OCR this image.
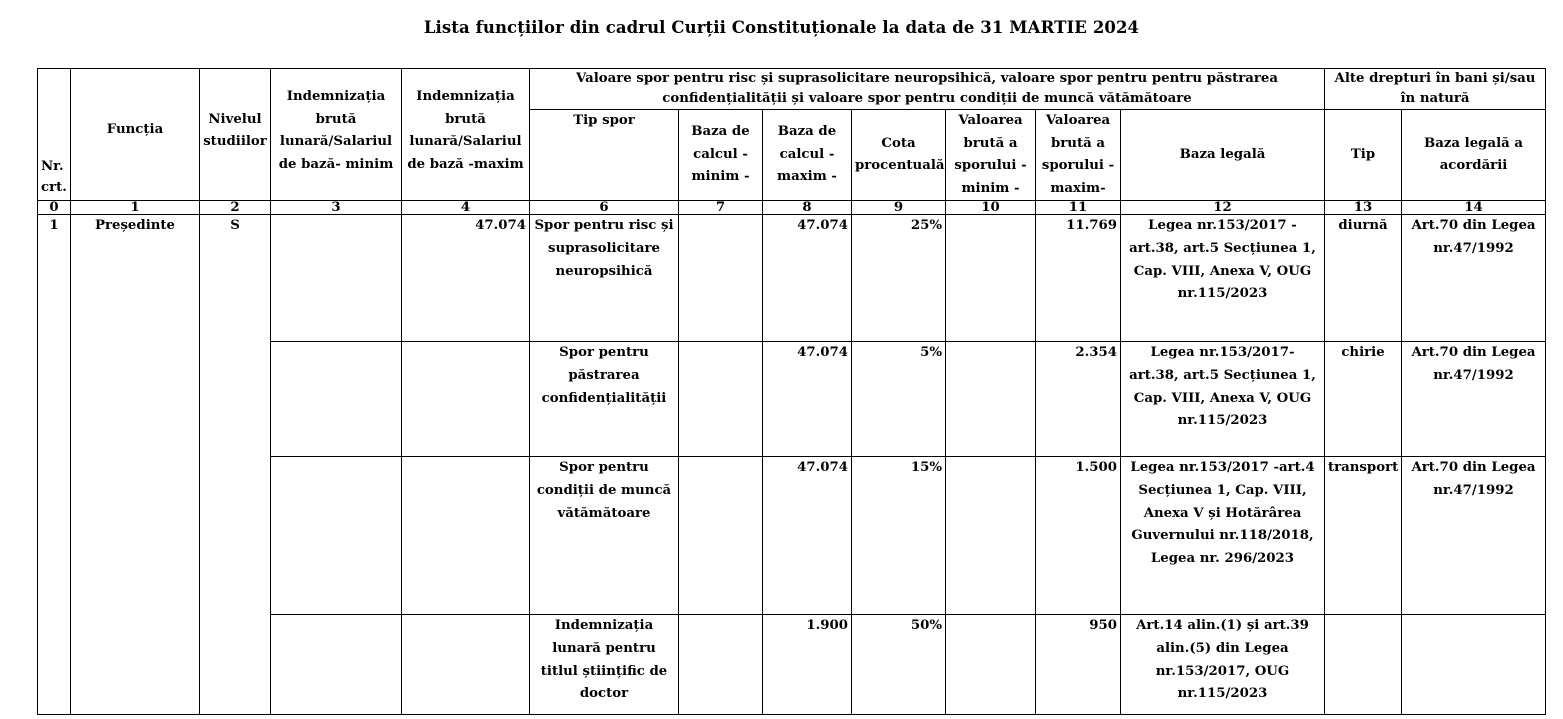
Lista funcțiilor din cadrul Curții Constituționale la data de 31 MARTIE 2024
Nr. crt.	Funcția	Nivelul studiilor	Indemnizația brută lunară/Salariul de bază- minim	Indemnizația brută lunară/Salariul de bază -maxim	Valoare spor pentru risc și suprasolicitare neuropsihică, valoare spor pentru pentru păstrarea confidențialității și valoare spor pentru condiții de muncă vătămătoare							Alte drepturi în bani și/sau în natură	
					Tip spor	Baza de calcul - minim -	Baza de calcul - maxim -	Cota procentuală	Valoarea brută a sporului - minim -	Valoarea brută a sporului - maxim-	Baza legală	Tip	Baza legală a acordării
0	1	2	3	4	6	7	8	9	10	11	12	13	14
1	Președinte	S		47.074	Spor pentru risc și suprasolicitare neuropsihică		47.074	25%		11.769	Legea nr.153/2017 -art.38, art.5 Secțiunea 1, Cap. VIII, Anexa V, OUG nr.115/2023	diurnă	Art.70 din Legea nr.47/1992
					Spor pentru păstrarea confidențialității		47.074	5%		2.354	Legea nr.153/2017- art.38, art.5 Secțiunea 1, Cap. VIII, Anexa V, OUG nr.115/2023	chirie	Art.70 din Legea nr.47/1992
					Spor pentru condiții de muncă vătămătoare		47.074	15%		1.500	Legea nr.153/2017 -art.4 Secțiunea 1, Cap. VIII, Anexa V și Hotărârea Guvernului nr.118/2018, Legea nr. 296/2023	transport	Art.70 din Legea nr.47/1992
					Indemnizația lunară pentru titlul științific de doctor		1.900	50%		950	Art.14 alin.(1) și art.39 alin.(5) din Legea nr.153/2017, OUG nr.115/2023		
